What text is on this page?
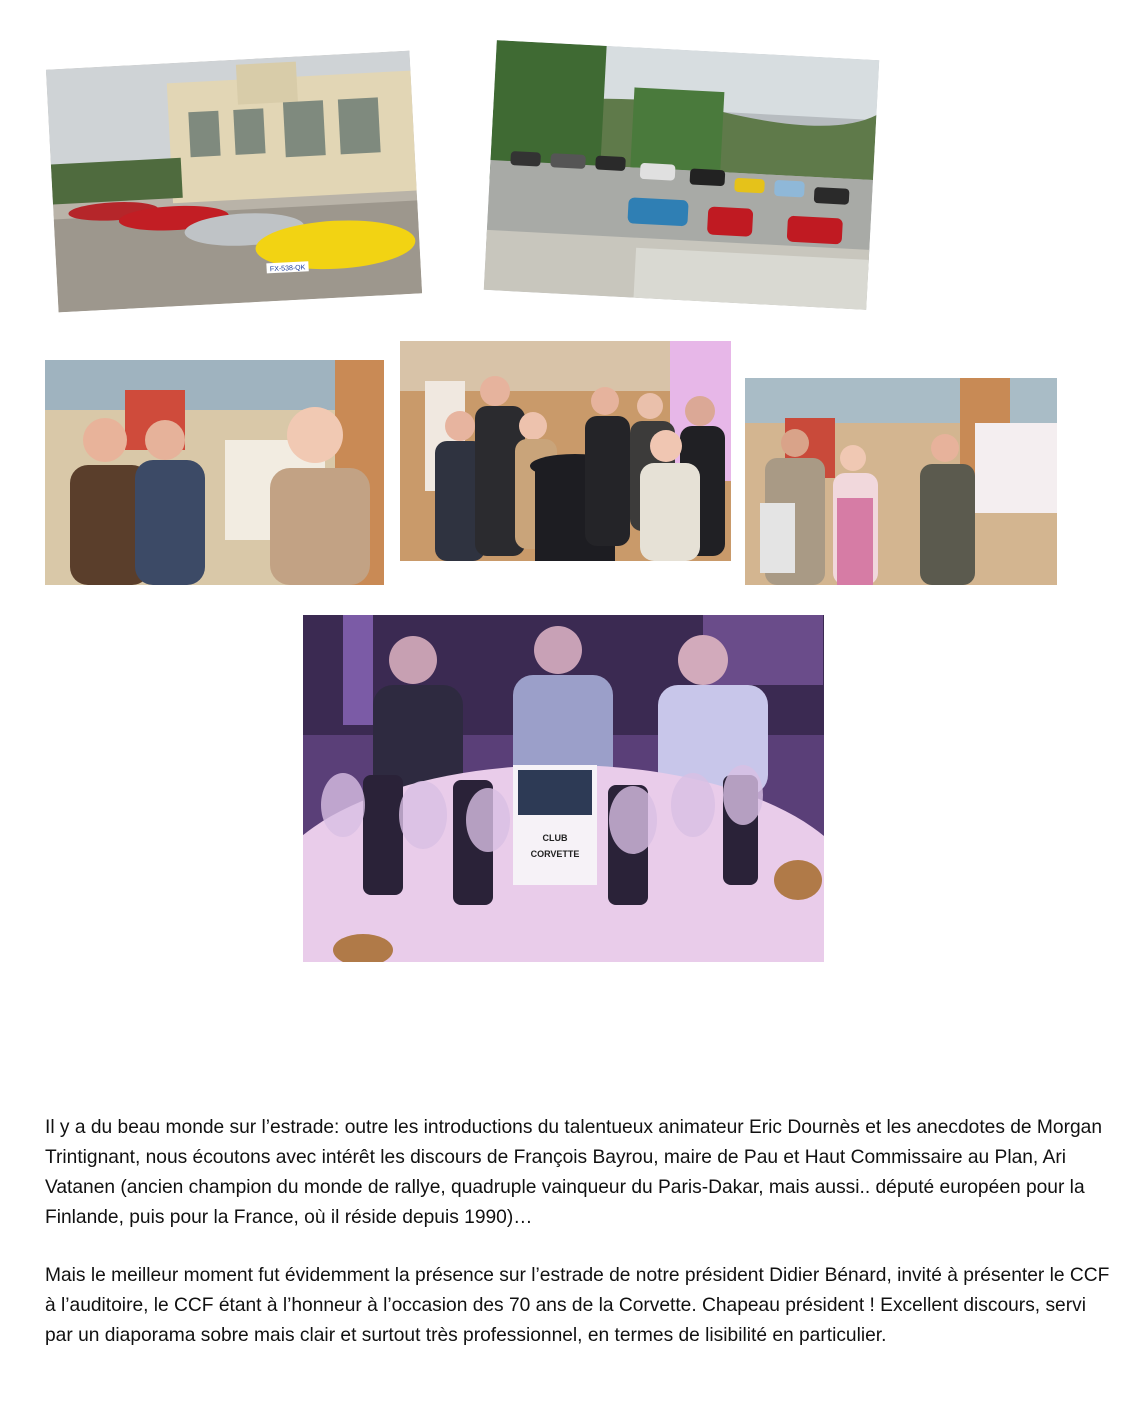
FX-538-QK
CLUB
CORVETTE

Il y a du beau monde sur l’estrade: outre les introductions du talentueux animateur Eric Dournès et les anecdotes de Morgan Trintignant, nous écoutons avec intérêt les discours de François Bayrou, maire de Pau et Haut Commissaire au Plan, Ari Vatanen (ancien champion du monde de rallye, quadruple vainqueur du Paris-Dakar, mais aussi.. député européen pour la Finlande, puis pour la France, où il réside depuis 1990)…

Mais le meilleur moment fut évidemment la présence sur l’estrade de notre président Didier Bénard, invité à présenter le CCF à l’auditoire, le CCF étant à l’honneur à l’occasion des 70 ans de la Corvette. Chapeau président ! Excellent discours, servi par un diaporama sobre mais clair et surtout très professionnel, en termes de lisibilité en particulier.
